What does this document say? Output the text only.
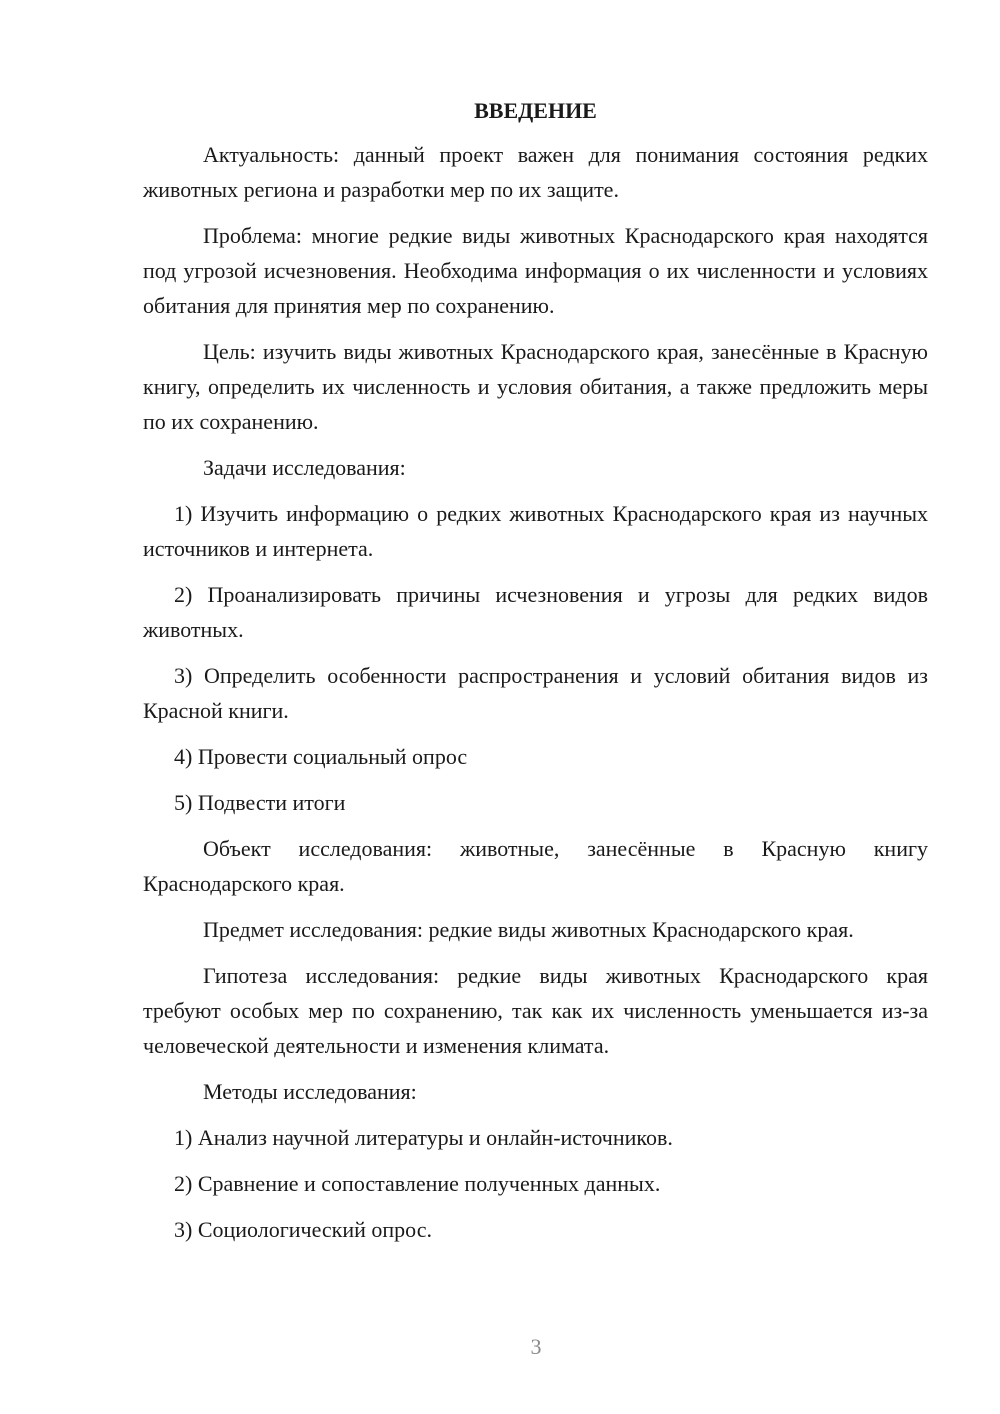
ВВЕДЕНИЕ

Актуальность: данный проект важен для понимания состояния редких животных региона и разработки мер по их защите.

Проблема: многие редкие виды животных Краснодарского края находятся под угрозой исчезновения. Необходима информация о их численности и условиях обитания для принятия мер по сохранению.

Цель: изучить виды животных Краснодарского края, занесённые в Красную книгу, определить их численность и условия обитания, а также предложить меры по их сохранению.

Задачи исследования:

1) Изучить информацию о редких животных Краснодарского края из научных источников и интернета.

2) Проанализировать причины исчезновения и угрозы для редких видов животных.

3) Определить особенности распространения и условий обитания видов из Красной книги.

4) Провести социальный опрос

5) Подвести итоги

Объект исследования: животные, занесённые в Красную книгу Краснодарского края.

Предмет исследования: редкие виды животных Краснодарского края.

Гипотеза исследования: редкие виды животных Краснодарского края требуют особых мер по сохранению, так как их численность уменьшается из-за человеческой деятельности и изменения климата.

Методы исследования:

1) Анализ научной литературы и онлайн-источников.

2) Сравнение и сопоставление полученных данных.

3) Социологический опрос.

3
